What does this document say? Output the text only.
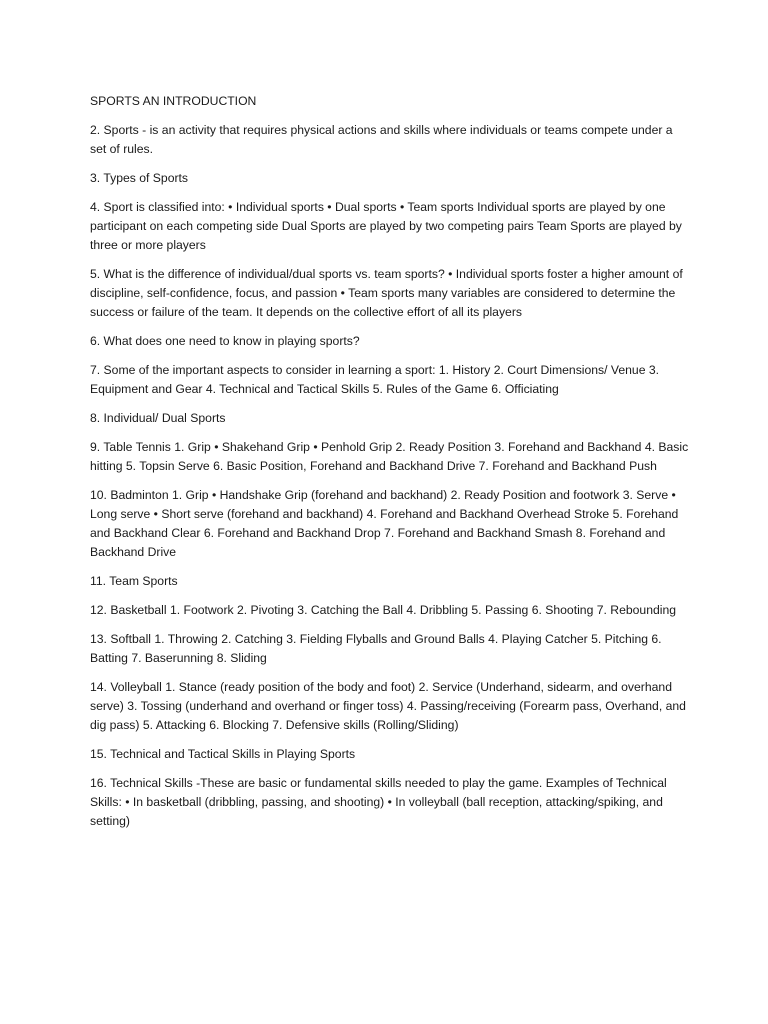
SPORTS AN INTRODUCTION
2. Sports - is an activity that requires physical actions and skills where individuals or teams compete under a set of rules.
3. Types of Sports
4. Sport is classified into: • Individual sports • Dual sports • Team sports Individual sports are played by one participant on each competing side Dual Sports are played by two competing pairs Team Sports are played by three or more players
5. What is the difference of individual/dual sports vs. team sports? • Individual sports foster a higher amount of discipline, self-confidence, focus, and passion • Team sports many variables are considered to determine the success or failure of the team. It depends on the collective effort of all its players
6. What does one need to know in playing sports?
7. Some of the important aspects to consider in learning a sport: 1. History 2. Court Dimensions/ Venue 3. Equipment and Gear 4. Technical and Tactical Skills 5. Rules of the Game 6. Officiating
8. Individual/ Dual Sports
9. Table Tennis 1. Grip • Shakehand Grip • Penhold Grip 2. Ready Position 3. Forehand and Backhand 4. Basic hitting 5. Topsin Serve 6. Basic Position, Forehand and Backhand Drive 7. Forehand and Backhand Push
10. Badminton 1. Grip • Handshake Grip (forehand and backhand) 2. Ready Position and footwork 3. Serve • Long serve • Short serve (forehand and backhand) 4. Forehand and Backhand Overhead Stroke 5. Forehand and Backhand Clear 6. Forehand and Backhand Drop 7. Forehand and Backhand Smash 8. Forehand and Backhand Drive
11. Team Sports
12. Basketball 1. Footwork 2. Pivoting 3. Catching the Ball 4. Dribbling 5. Passing 6. Shooting 7. Rebounding
13. Softball 1. Throwing 2. Catching 3. Fielding Flyballs and Ground Balls 4. Playing Catcher 5. Pitching 6. Batting 7. Baserunning 8. Sliding
14. Volleyball 1. Stance (ready position of the body and foot) 2. Service (Underhand, sidearm, and overhand serve) 3. Tossing (underhand and overhand or finger toss) 4. Passing/receiving (Forearm pass, Overhand, and dig pass) 5. Attacking 6. Blocking 7. Defensive skills (Rolling/Sliding)
15. Technical and Tactical Skills in Playing Sports
16. Technical Skills -These are basic or fundamental skills needed to play the game. Examples of Technical Skills: • In basketball (dribbling, passing, and shooting) • In volleyball (ball reception, attacking/spiking, and setting)
